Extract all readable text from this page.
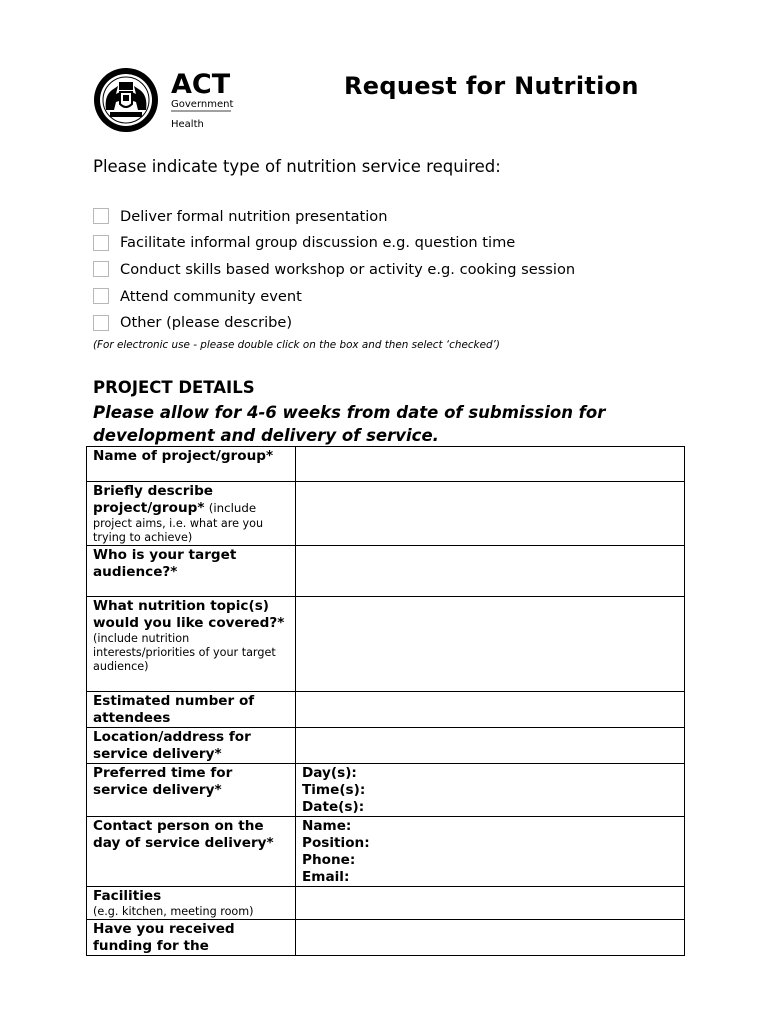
ACT
Government
Health
Request for Nutrition
Please indicate type of nutrition service required:
Deliver formal nutrition presentation
Facilitate informal group discussion e.g. question time
Conduct skills based workshop or activity e.g. cooking session
Attend community event
Other (please describe)
(For electronic use - please double click on the box and then select ‘checked’)
PROJECT DETAILS
Please allow for 4-6 weeks from date of submission for development and delivery of service.
Name of project/group*	
Briefly describe project/group* (include
project aims, i.e. what are you trying to achieve)	

Who is your target audience?*	
What nutrition topic(s) would you like covered?*
(include nutrition interests/priorities of your target audience)	

Estimated number of attendees	
Location/address for service delivery*	
Preferred time for service delivery*	Day(s):
Time(s):
Date(s):

Contact person on the day of service delivery*	Name:
Position:
Phone:
Email:

Facilities
(e.g. kitchen, meeting room)	

Have you received funding for the	
